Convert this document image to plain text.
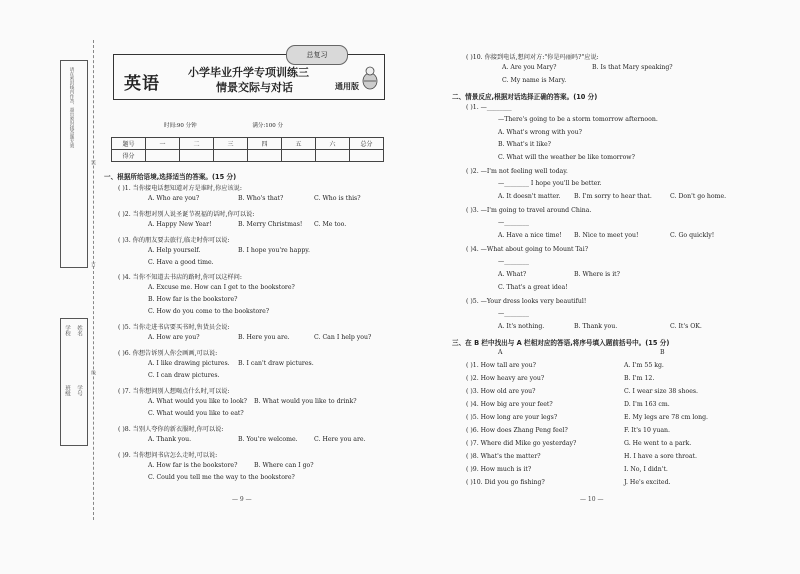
请在密封线内作答，超出密封线答题无效
学校
班级
姓名
学号
装
订
线
总复习
英语
小学毕业升学专项训练三
情景交际与对话	通用版
时间:90 分钟	满分:100 分
题号	一	二	三	四	五	六	总分
得分							
一、根据所给语境,选择适当的答案。(15 分)
( )1. 当你接电话想知道对方是谁时,你应该说:
A. Who are you?	B. Who's that?	C. Who is this?
( )2. 当你想对别人说圣诞节祝福的话时,你可以说:
A. Happy New Year!	B. Merry Christmas! C. Me too.
( )3. 你的朋友要去旅行,临走时你可以说:
A. Help yourself.	B. I hope you're happy.
C. Have a good time.
( )4. 当你不知道去书店的路时,你可以这样问:
A. Excuse me. How can I get to the bookstore?
B. How far is the bookstore?
C. How do you come to the bookstore?
( )5. 当你走进书店要买书时,售货员会说:
A. How are you?	B. Here you are.	C. Can I help you?
( )6. 你想告诉别人你会画画,可以说:
A. I like drawing pictures. B. I can't draw pictures.
C. I can draw pictures.
( )7. 当你想问别人想喝点什么时,可以说:
A. What would you like to look? B. What would you like to drink?
C. What would you like to eat?
( )8. 当别人夸你的新衣服时,你可以说:
A. Thank you.	B. You're welcome.	C. Here you are.
( )9. 当你想问书店怎么走时,可以说:
A. How far is the bookstore?	B. Where can I go?
C. Could you tell me the way to the bookstore?
— 9 —
( )10. 你接到电话,想问对方:"你是玛丽吗?"应说:
A. Are you Mary?	B. Is that Mary speaking?
C. My name is Mary.
二、情景反应,根据对话选择正确的答案。(10 分)
( )1. —________
—There's going to be a storm tomorrow afternoon.
A. What's wrong with you?
B. What's it like?
C. What will the weather be like tomorrow?
( )2. —I'm not feeling well today.
—________ I hope you'll be better.
A. It doesn't matter. B. I'm sorry to hear that.	C. Don't go home.
( )3. —I'm going to travel around China.
—________
A. Have a nice time! B. Nice to meet you!	C. Go quickly!
( )4. —What about going to Mount Tai?
—________
A. What?	B. Where is it?
C. That's a great idea!
( )5. —Your dress looks very beautiful!
—________
A. It's nothing.	B. Thank you.	C. It's OK.
三、在 B 栏中找出与 A 栏相对应的答语,将序号填入题前括号中。(15 分)
A	B
( )1. How tall are you?	A. I'm 55 kg.
( )2. How heavy are you?	B. I'm 12.
( )3. How old are you?	C. I wear size 38 shoes.
( )4. How big are your feet?	D. I'm 163 cm.
( )5. How long are your legs?	E. My legs are 78 cm long.
( )6. How does Zhang Peng feel?	F. It's 10 yuan.
( )7. Where did Mike go yesterday?	G. He went to a park.
( )8. What's the matter?	H. I have a sore throat.
( )9. How much is it?	I. No, I didn't.
( )10. Did you go fishing?	J. He's excited.
— 10 —
